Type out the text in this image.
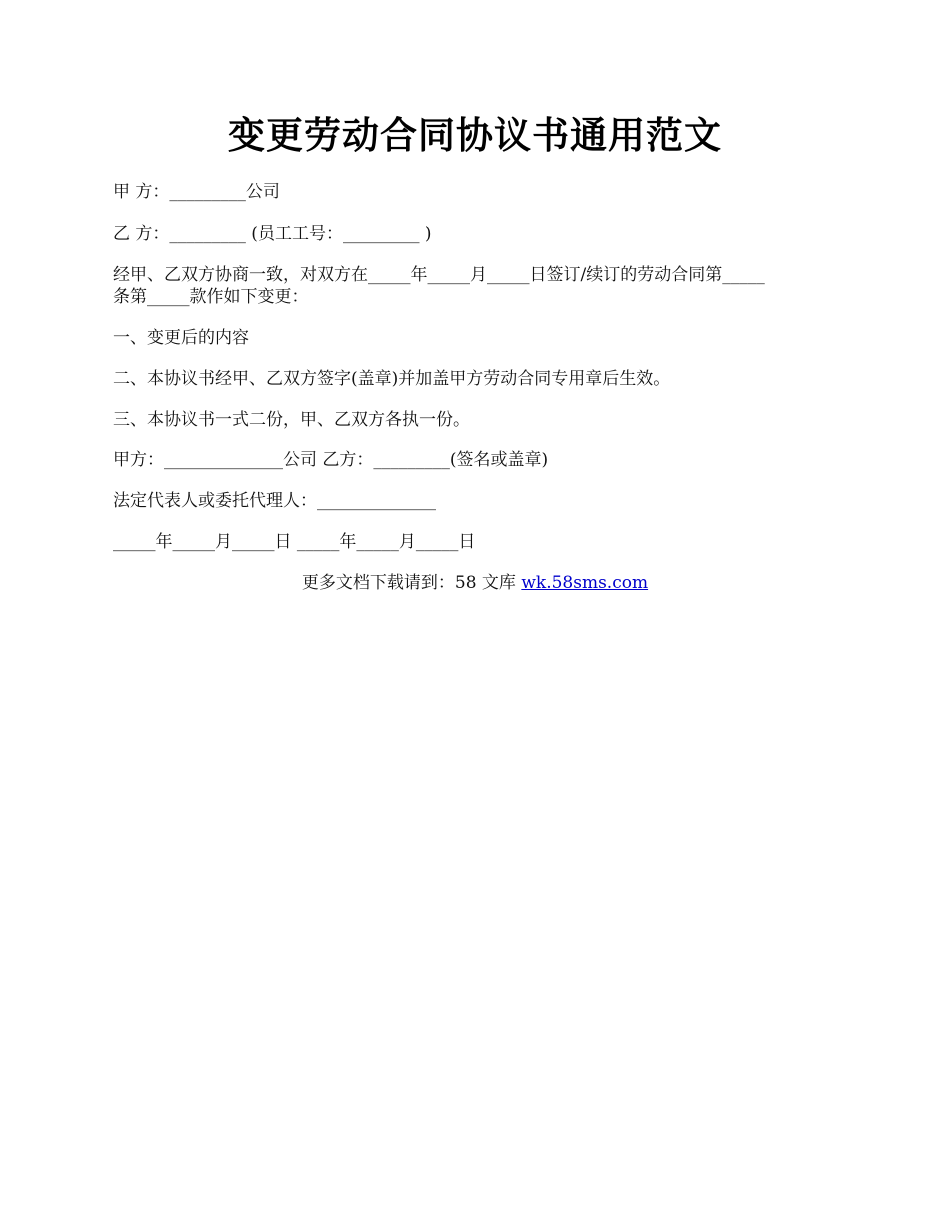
变更劳动合同协议书通用范文
甲 方：_________公司
乙 方：_________ (员工工号：_________ )
经甲、乙双方协商一致，对双方在_____年_____月_____日签订/续订的劳动合同第_____
条第_____款作如下变更：
一、变更后的内容
二、本协议书经甲、乙双方签字(盖章)并加盖甲方劳动合同专用章后生效。
三、本协议书一式二份，甲、乙双方各执一份。
甲方：______________公司 乙方：_________(签名或盖章)
法定代表人或委托代理人：______________
_____年_____月_____日 _____年_____月_____日
更多文档下载请到：58 文库 wk.58sms.com
